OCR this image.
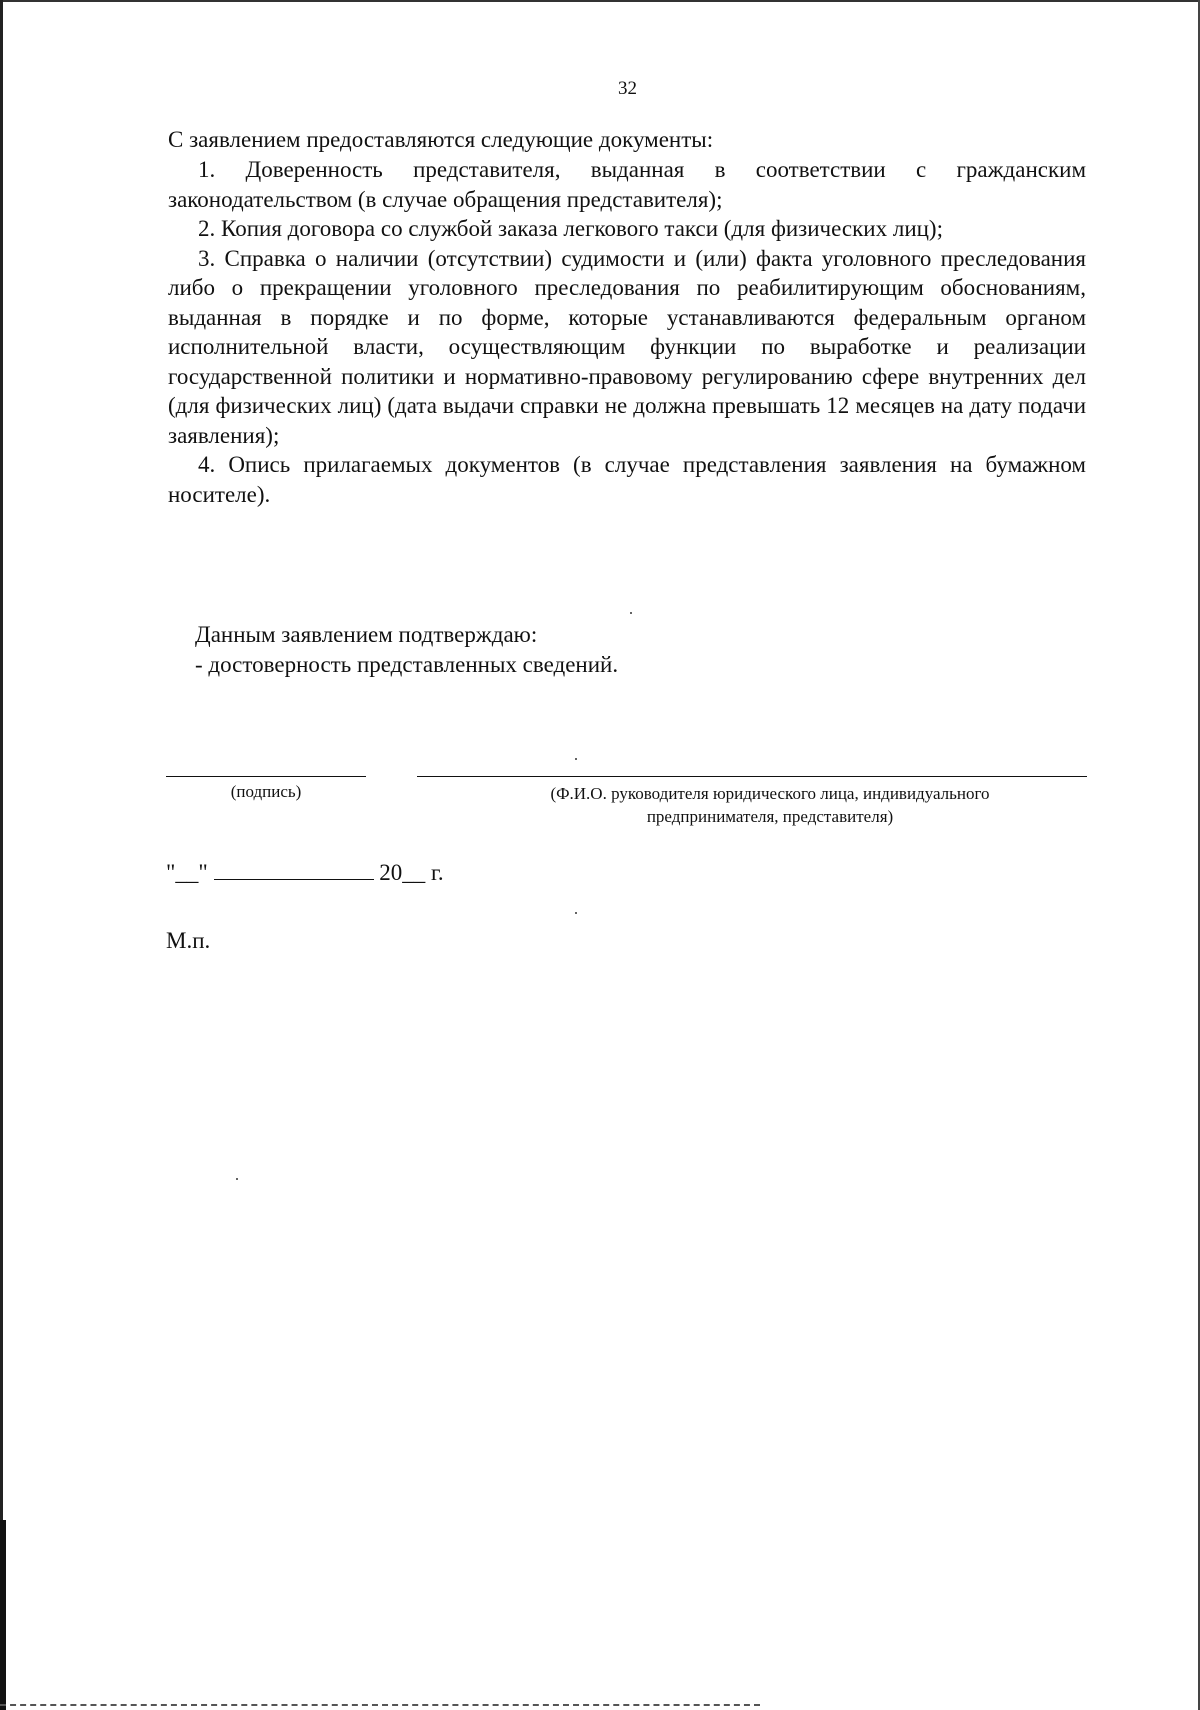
32
С заявлением предоставляются следующие документы:

1. Доверенность представителя, выданная в соответствии с гражданским законодательством (в случае обращения представителя);

2. Копия договора со службой заказа легкового такси (для физических лиц);

3. Справка о наличии (отсутствии) судимости и (или) факта уголовного преследования либо о прекращении уголовного преследования по реабилитирующим обоснованиям, выданная в порядке и по форме, которые устанавливаются федеральным органом исполнительной власти, осуществляющим функции по выработке и реализации государственной политики и нормативно-правовому регулированию сфере внутренних дел (для физических лиц) (дата выдачи справки не должна превышать 12 месяцев на дату подачи заявления);

4. Опись прилагаемых документов (в случае представления заявления на бумажном носителе).

Данным заявлением подтверждаю:
- достоверность представленных сведений.
(подпись)	(Ф.И.О. руководителя юридического лица, индивидуального
предпринимателя, представителя)
"__"	20__ г.
М.п.
